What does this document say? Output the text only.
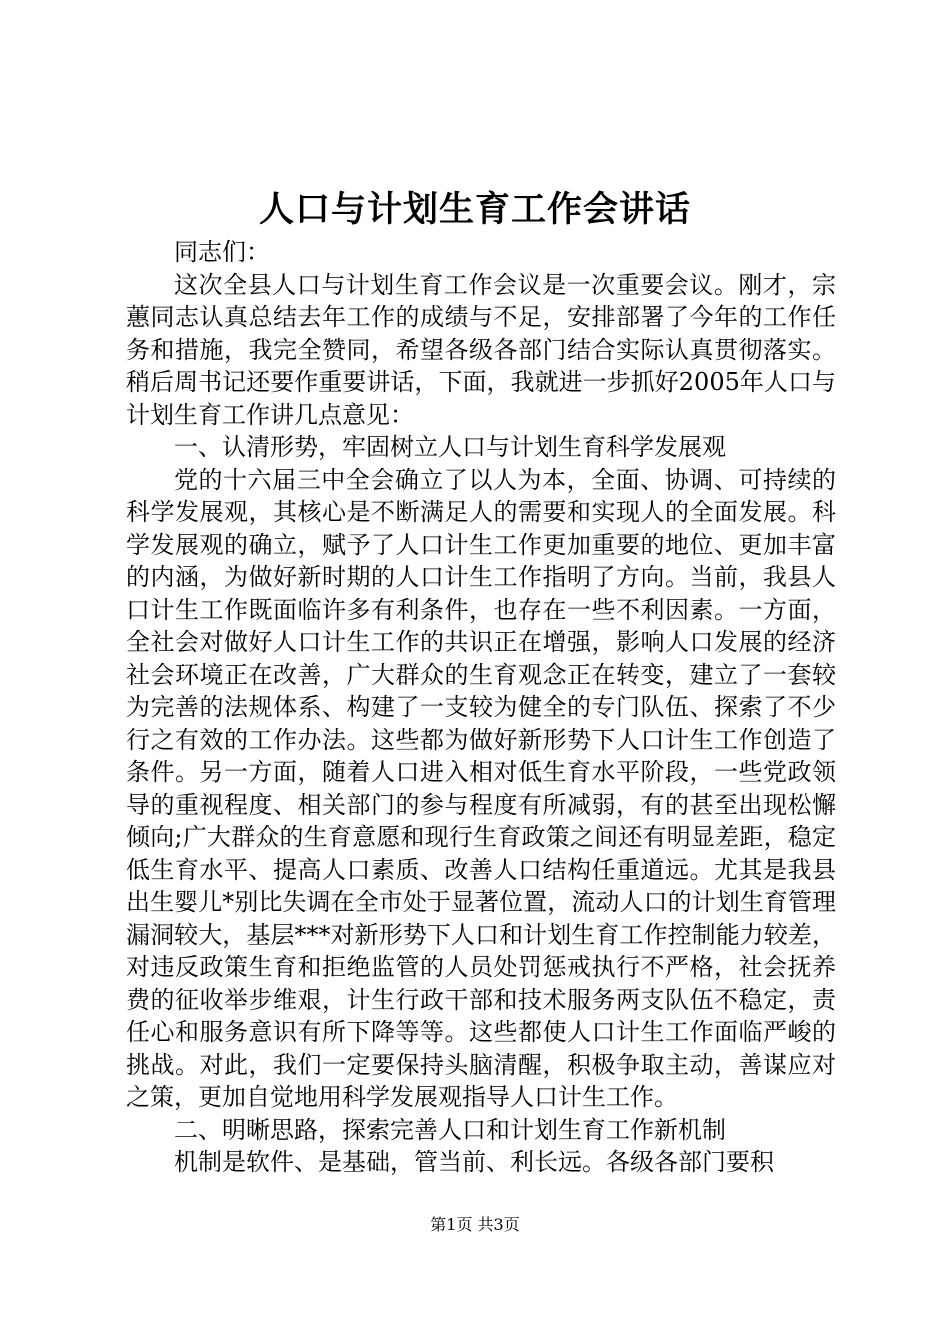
人口与计划生育工作会讲话

同志们：

这次全县人口与计划生育工作会议是一次重要会议。刚才，宗蕙同志认真总结去年工作的成绩与不足，安排部署了今年的工作任务和措施，我完全赞同，希望各级各部门结合实际认真贯彻落实。稍后周书记还要作重要讲话，下面，我就进一步抓好2005年人口与计划生育工作讲几点意见：

一、认清形势，牢固树立人口与计划生育科学发展观

党的十六届三中全会确立了以人为本，全面、协调、可持续的科学发展观，其核心是不断满足人的需要和实现人的全面发展。科学发展观的确立，赋予了人口计生工作更加重要的地位、更加丰富的内涵，为做好新时期的人口计生工作指明了方向。当前，我县人口计生工作既面临许多有利条件，也存在一些不利因素。一方面，全社会对做好人口计生工作的共识正在增强，影响人口发展的经济社会环境正在改善，广大群众的生育观念正在转变，建立了一套较为完善的法规体系、构建了一支较为健全的专门队伍、探索了不少行之有效的工作办法。这些都为做好新形势下人口计生工作创造了条件。另一方面，随着人口进入相对低生育水平阶段，一些党政领导的重视程度、相关部门的参与程度有所减弱，有的甚至出现松懈倾向;广大群众的生育意愿和现行生育政策之间还有明显差距，稳定低生育水平、提高人口素质、改善人口结构任重道远。尤其是我县出生婴儿*别比失调在全市处于显著位置，流动人口的计划生育管理漏洞较大，基层***对新形势下人口和计划生育工作控制能力较差，对违反政策生育和拒绝监管的人员处罚惩戒执行不严格，社会抚养费的征收举步维艰，计生行政干部和技术服务两支队伍不稳定，责任心和服务意识有所下降等等。这些都使人口计生工作面临严峻的挑战。对此，我们一定要保持头脑清醒，积极争取主动，善谋应对之策，更加自觉地用科学发展观指导人口计生工作。

二、明晰思路，探索完善人口和计划生育工作新机制

机制是软件、是基础，管当前、利长远。各级各部门要积

第1页 共3页
